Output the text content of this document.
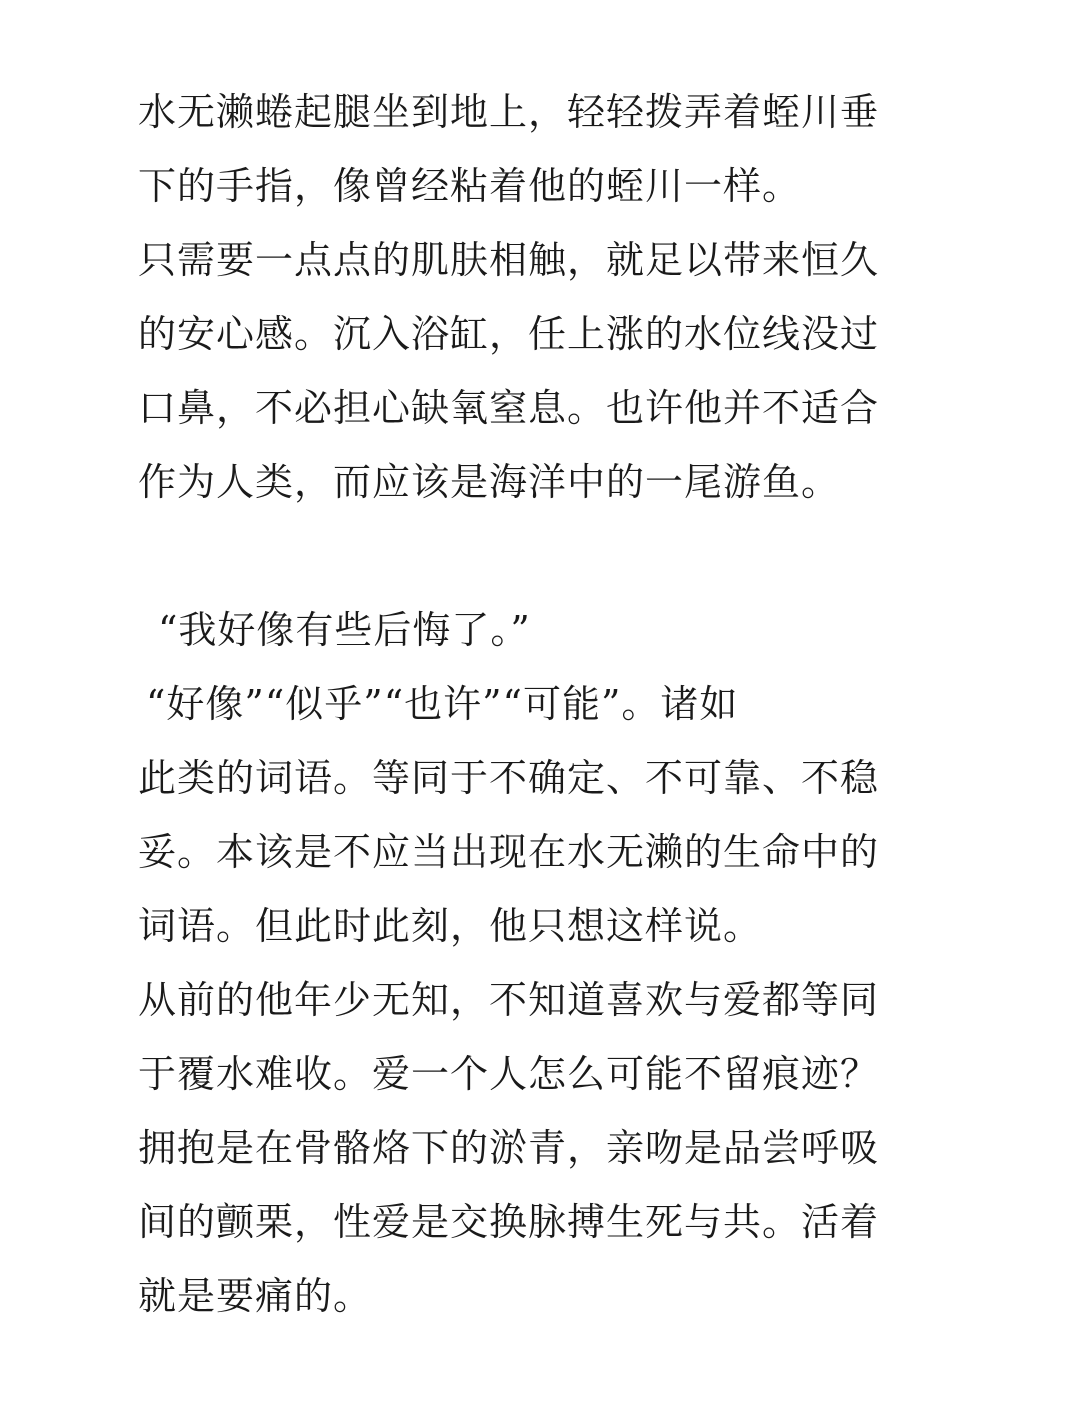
水无濑蜷起腿坐到地上，轻轻拨弄着蛭川垂
下的手指，像曾经粘着他的蛭川一样。
只需要一点点的肌肤相触，就足以带来恒久
的安心感。沉入浴缸，任上涨的水位线没过
口鼻，不必担心缺氧窒息。也许他并不适合
作为人类，而应该是海洋中的一尾游鱼。
“我好像有些后悔了。”
“好像”“似乎”“也许”“可能”。诸如
此类的词语。等同于不确定、不可靠、不稳
妥。本该是不应当出现在水无濑的生命中的
词语。但此时此刻，他只想这样说。
从前的他年少无知，不知道喜欢与爱都等同
于覆水难收。爱一个人怎么可能不留痕迹？
拥抱是在骨骼烙下的淤青，亲吻是品尝呼吸
间的颤栗，性爱是交换脉搏生死与共。活着
就是要痛的。
